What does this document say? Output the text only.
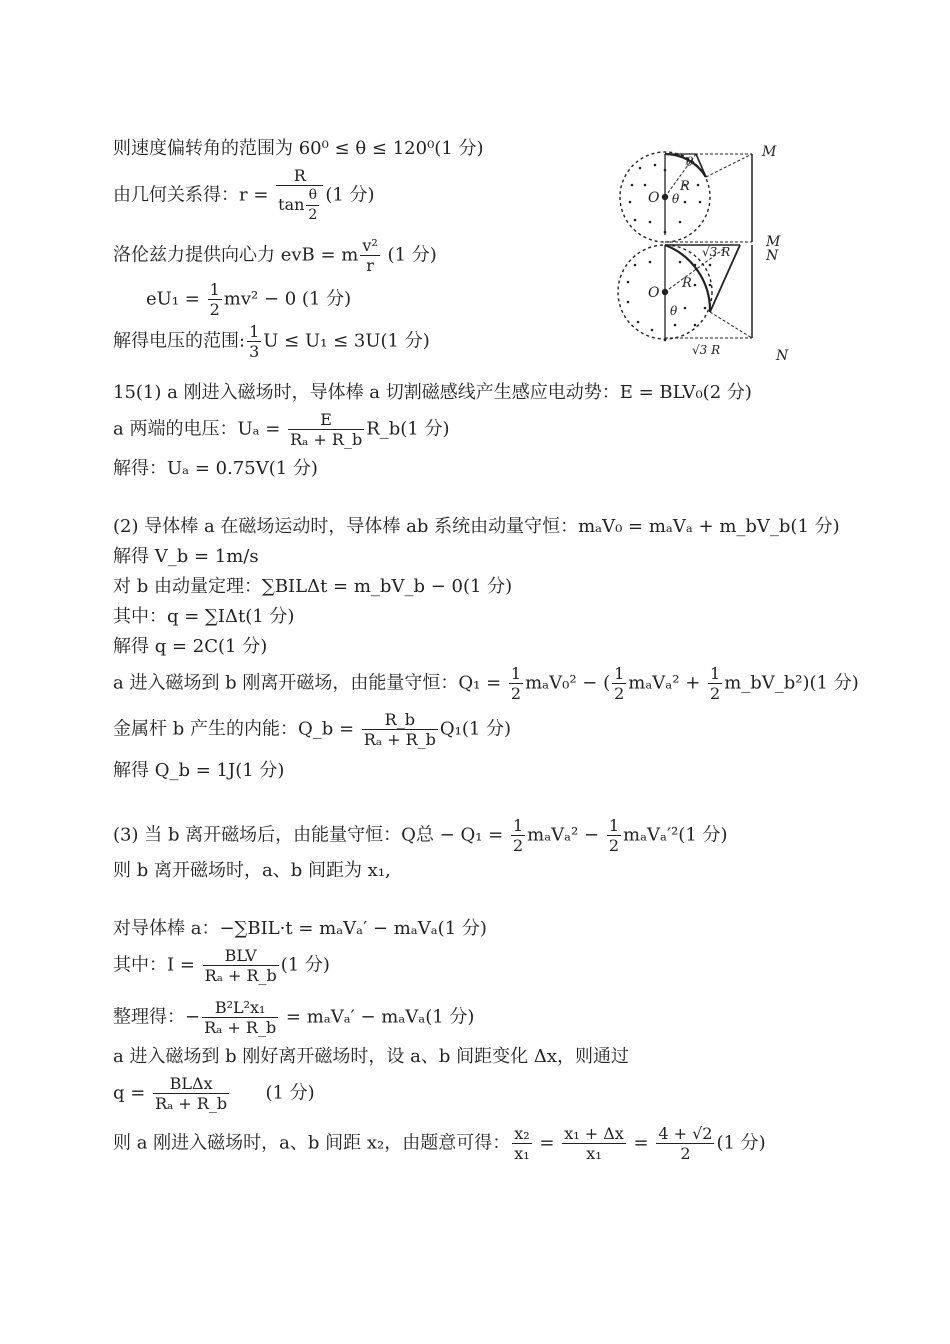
则速度偏转角的范围为 60⁰ ≤ θ ≤ 120⁰(1 分)
由几何关系得：$r = \frac{R}{\tan \frac{\theta}{2}} (1$ 分)
洛伦兹力提供向心力 evB = m $\frac{\text{v²}}{r} (1$ 分)
$eU_1 = \frac{1}{2} mv^2 - 0$ (1 分)
解得电压的范围: $\frac{1}{3}$ U ≤ U₁ ≤ 3U(1 分)
M
M
N
N
O
O
R
R
θ
θ
θ
√3 R
√3 R
15(1) a 刚进入磁场时，导体棒 a 切割磁感线产生感应电动势：E = BLV₀(2 分)
a 两端的电压：$U_a = \frac{E}{\text{Rₐ + R\_b}}$ R_b(1 分)
解得：Uₐ = 0.75V(1 分)
(2) 导体棒 a 在磁场运动时，导体棒 ab 系统由动量守恒：mₐV₀ = mₐVₐ + m_bV_b(1 分)
解得 V_b = 1m/s
对 b 由动量定理：∑BILΔt = m_bV_b − 0(1 分)
其中：q = ∑IΔt(1 分)
解得 q = 2C(1 分)
a 进入磁场到 b 刚离开磁场，由能量守恒：$Q_1 = \frac{1}{2} m_aV_0^2$ − ( $\frac{1}{2} m_aV_a^2 + \frac{1}{2}$ m_bV_b²)(1 分)
金属杆 b 产生的内能：Q_b = $\frac{R\_b}{\text{Rₐ + R\_b}} Q_1(1$ 分)
解得 Q_b = 1J(1 分)
(3) 当 b 离开磁场后，由能量守恒：Q总 − $Q_1 = \frac{1}{2} m_aV_a^2 - \frac{1}{2} m_aV_a'^2(1$ 分)
则 b 离开磁场时，a、b 间距为 x₁,
对导体棒 a：−∑BIL·t = mₐVₐ′ − mₐVₐ(1 分)
其中：I =	BLV
Rₐ + R_b (1 分)
整理得：− $\frac{\text{B²L²x₁}}{\text{Rₐ + R\_b}} = m_aV_a' - m_aV_a(1$ 分)
a 进入磁场到 b 刚好离开磁场时，设 a、b 间距变化 Δx，则通过
q =	BLΔx
Rₐ + R_b (1 分)
则 a 刚进入磁场时，a、b 间距 x₂，由题意可得： $\frac{\text{x₂}}{\text{x₁}} = \frac{\text{x₁ + Δx}}{\text{x₁}} = \frac{4 + √2}{2} (1$ 分)
